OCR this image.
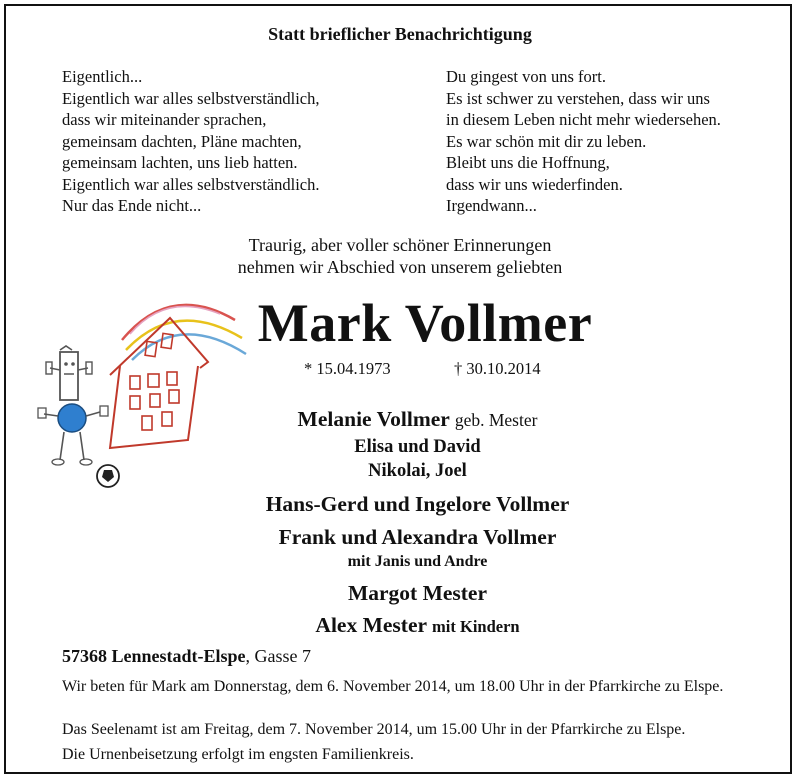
Statt brieflicher Benachrichtigung
Eigentlich...
Eigentlich war alles selbstverständlich,
dass wir miteinander sprachen,
gemeinsam dachten, Pläne machten,
gemeinsam lachten, uns lieb hatten.
Eigentlich war alles selbstverständlich.
Nur das Ende nicht...
Du gingest von uns fort.
Es ist schwer zu verstehen, dass wir uns
in diesem Leben nicht mehr wiedersehen.
Es war schön mit dir zu leben.
Bleibt uns die Hoffnung,
dass wir uns wiederfinden.
Irgendwann...
Traurig, aber voller schöner Erinnerungen
nehmen wir Abschied von unserem geliebten
Mark Vollmer
* 15.04.1973	† 30.10.2014
Melanie Vollmer geb. Mester
Elisa und David
Nikolai, Joel
Hans-Gerd und Ingelore Vollmer
Frank und Alexandra Vollmer
mit Janis und Andre
Margot Mester
Alex Mester mit Kindern
57368 Lennestadt-Elspe, Gasse 7
Wir beten für Mark am Donnerstag, dem 6. November 2014, um 18.00 Uhr in der Pfarrkirche zu Elspe.
Das Seelenamt ist am Freitag, dem 7. November 2014, um 15.00 Uhr in der Pfarrkirche zu Elspe.
Die Urnenbeisetzung erfolgt im engsten Familienkreis.
